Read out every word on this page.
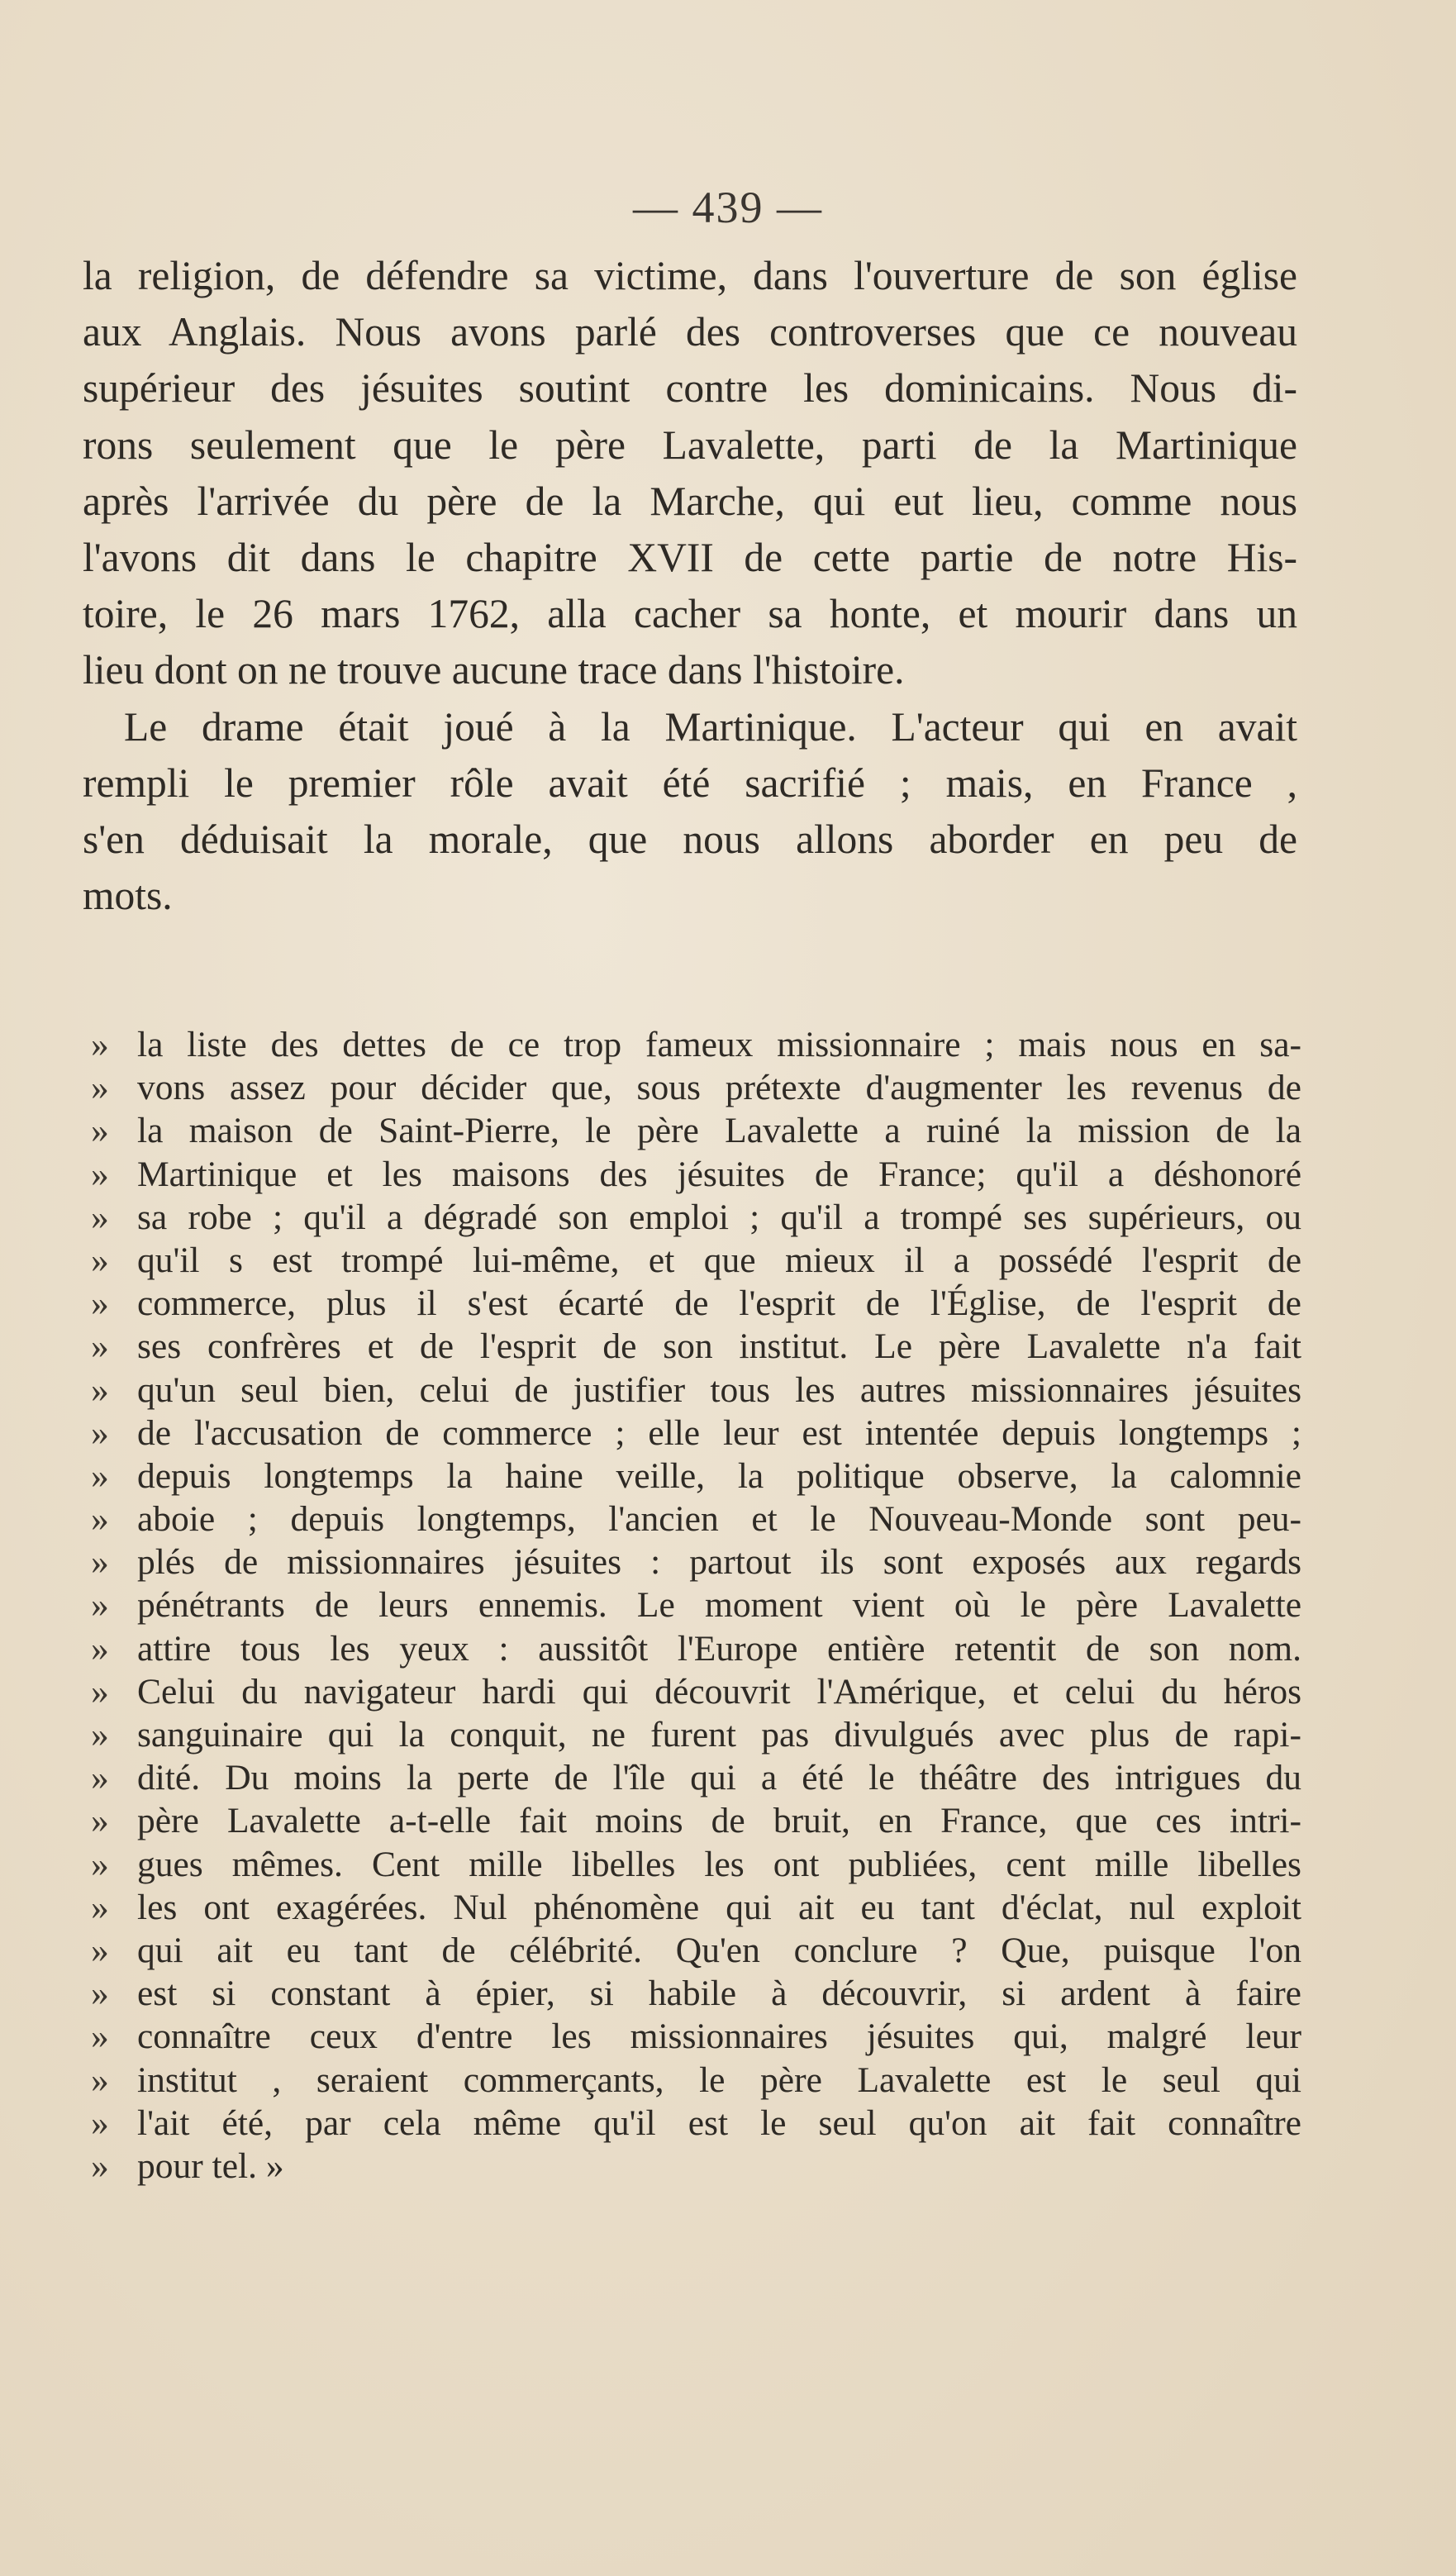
— 439 —
la religion, de défendre sa victime, dans l'ouverture de son église
aux Anglais. Nous avons parlé des controverses que ce nouveau
supérieur des jésuites soutint contre les dominicains. Nous di-
rons seulement que le père Lavalette, parti de la Martinique
après l'arrivée du père de la Marche, qui eut lieu, comme nous
l'avons dit dans le chapitre XVII de cette partie de notre His-
toire, le 26 mars 1762, alla cacher sa honte, et mourir dans un
lieu dont on ne trouve aucune trace dans l'histoire.
Le drame était joué à la Martinique. L'acteur qui en avait
rempli le premier rôle avait été sacrifié ; mais, en France ,
s'en déduisait la morale, que nous allons aborder en peu de
mots.
» la liste des dettes de ce trop fameux missionnaire ; mais nous en sa-
» vons assez pour décider que, sous prétexte d'augmenter les revenus de
» la maison de Saint-Pierre, le père Lavalette a ruiné la mission de la
» Martinique et les maisons des jésuites de France; qu'il a déshonoré
» sa robe ; qu'il a dégradé son emploi ; qu'il a trompé ses supérieurs, ou
» qu'il s est trompé lui-même, et que mieux il a possédé l'esprit de
» commerce, plus il s'est écarté de l'esprit de l'Église, de l'esprit de
» ses confrères et de l'esprit de son institut. Le père Lavalette n'a fait
» qu'un seul bien, celui de justifier tous les autres missionnaires jésuites
» de l'accusation de commerce ; elle leur est intentée depuis longtemps ;
» depuis longtemps la haine veille, la politique observe, la calomnie
» aboie ; depuis longtemps, l'ancien et le Nouveau-Monde sont peu-
» plés de missionnaires jésuites : partout ils sont exposés aux regards
» pénétrants de leurs ennemis. Le moment vient où le père Lavalette
» attire tous les yeux : aussitôt l'Europe entière retentit de son nom.
» Celui du navigateur hardi qui découvrit l'Amérique, et celui du héros
» sanguinaire qui la conquit, ne furent pas divulgués avec plus de rapi-
» dité. Du moins la perte de l'île qui a été le théâtre des intrigues du
» père Lavalette a-t-elle fait moins de bruit, en France, que ces intri-
» gues mêmes. Cent mille libelles les ont publiées, cent mille libelles
» les ont exagérées. Nul phénomène qui ait eu tant d'éclat, nul exploit
» qui ait eu tant de célébrité. Qu'en conclure ? Que, puisque l'on
» est si constant à épier, si habile à découvrir, si ardent à faire
» connaître ceux d'entre les missionnaires jésuites qui, malgré leur
» institut , seraient commerçants, le père Lavalette est le seul qui
» l'ait été, par cela même qu'il est le seul qu'on ait fait connaître
» pour tel. »
